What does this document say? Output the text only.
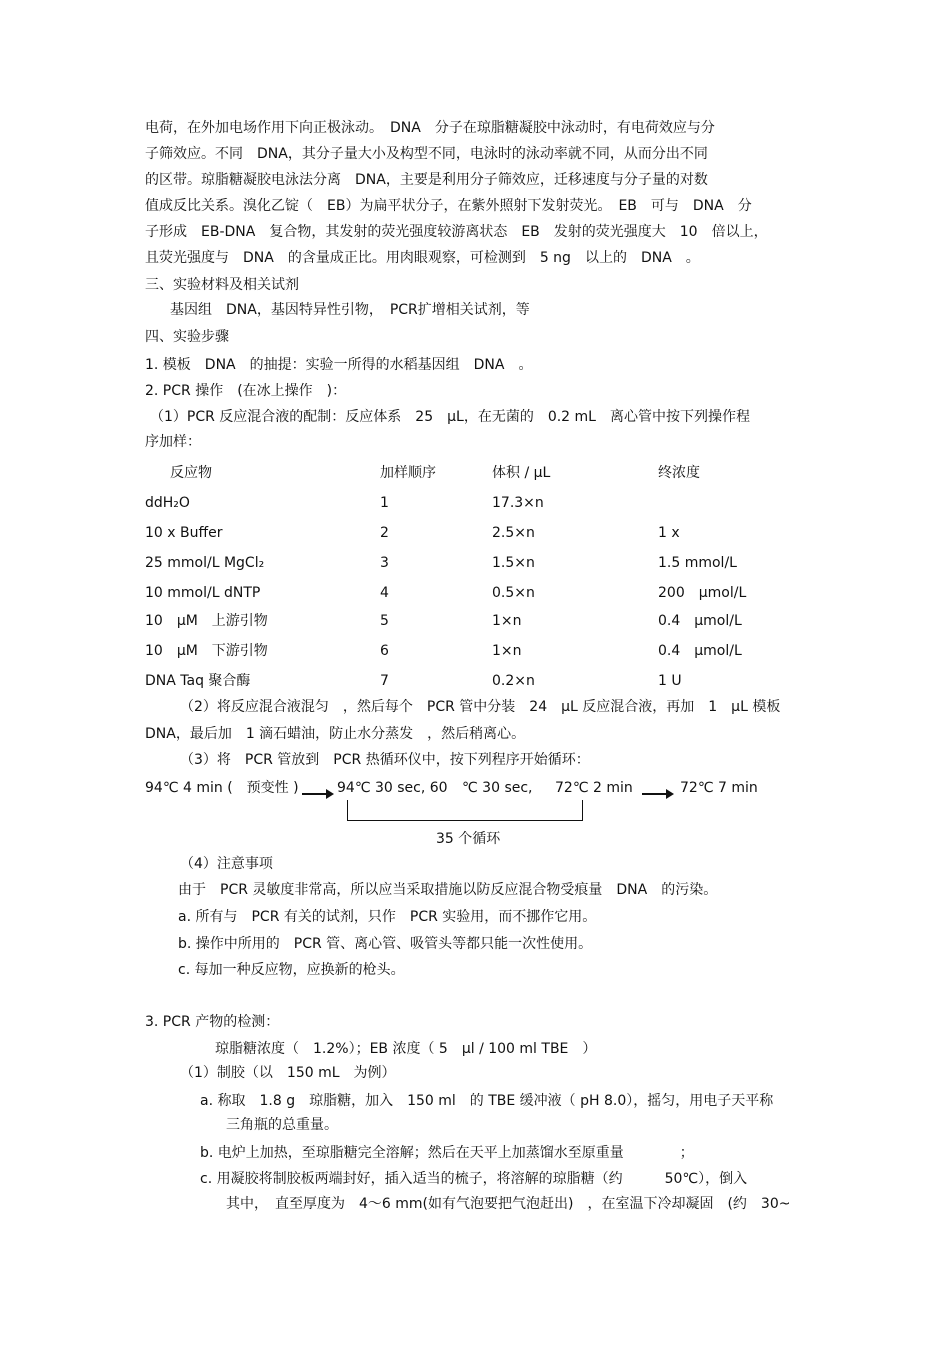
电荷，在外加电场作用下向正极泳动。　DNA　分子在琼脂糖凝胶中泳动时，有电荷效应与分
子筛效应。不同　DNA，其分子量大小及构型不同，电泳时的泳动率就不同，从而分出不同
的区带。琼脂糖凝胶电泳法分离　DNA，主要是利用分子筛效应，迁移速度与分子量的对数
值成反比关系。溴化乙锭（　EB）为扁平状分子，在紫外照射下发射荧光。　EB　可与　DNA　分
子形成　EB-DNA　复合物，其发射的荧光强度较游离状态　EB　发射的荧光强度大　10　倍以上，
且荧光强度与　DNA　的含量成正比。用肉眼观察，可检测到　5 ng　以上的　DNA　。
三、实验材料及相关试剂
基因组　DNA，基因特异性引物，　PCR扩增相关试剂，等
四、实验步骤
1. 模板　DNA　的抽提：实验一所得的水稻基因组　DNA　。
2. PCR 操作　(在冰上操作　)：
（1）PCR 反应混合液的配制：反应体系　25　μL，在无菌的　0.2 mL　离心管中按下列操作程
序加样：
反应物	加样顺序	体积 / μL	终浓度
ddH₂O	1	17.3×n
10 x Buffer	2	2.5×n	1 x
25 mmol/L MgCl₂	3	1.5×n	1.5 mmol/L
10 mmol/L dNTP	4	0.5×n	200　μmol/L
10　μM　上游引物	5	1×n	0.4　μmol/L
10　μM　下游引物	6	1×n	0.4　μmol/L
DNA Taq 聚合酶	7	0.2×n	1 U
（2）将反应混合液混匀　，然后每个　PCR 管中分装　24　μL 反应混合液，再加　1　μL 模板
DNA，最后加　1 滴石蜡油，防止水分蒸发　，然后稍离心。
（3）将　PCR 管放到　PCR 热循环仪中，按下列程序开始循环：
94℃ 4 min (　预变性 )	94℃ 30 sec, 60 ℃ 30 sec, 72℃ 2 min	72℃ 7 min
35 个循环
（4）注意事项
由于　PCR 灵敏度非常高，所以应当采取措施以防反应混合物受痕量　DNA　的污染。
a. 所有与　PCR 有关的试剂，只作　PCR 实验用，而不挪作它用。
b. 操作中所用的　PCR 管、离心管、吸管头等都只能一次性使用。
c. 每加一种反应物，应换新的枪头。
3. PCR 产物的检测：
琼脂糖浓度（　1.2%）；EB 浓度（ 5　μl / 100 ml TBE　）
（1）制胶（以　150 mL　为例）
a. 称取　1.8 g　琼脂糖，加入　150 ml　的 TBE 缓冲液（ pH 8.0），摇匀，用电子天平称
三角瓶的总重量。
b. 电炉上加热，至琼脂糖完全溶解；然后在天平上加蒸馏水至原重量　　　　；
c. 用凝胶将制胶板两端封好，插入适当的梳子，将溶解的琼脂糖（约　　　50℃），倒入
其中，　直至厚度为　4～6 mm(如有气泡要把气泡赶出)　，在室温下冷却凝固　(约　30~
